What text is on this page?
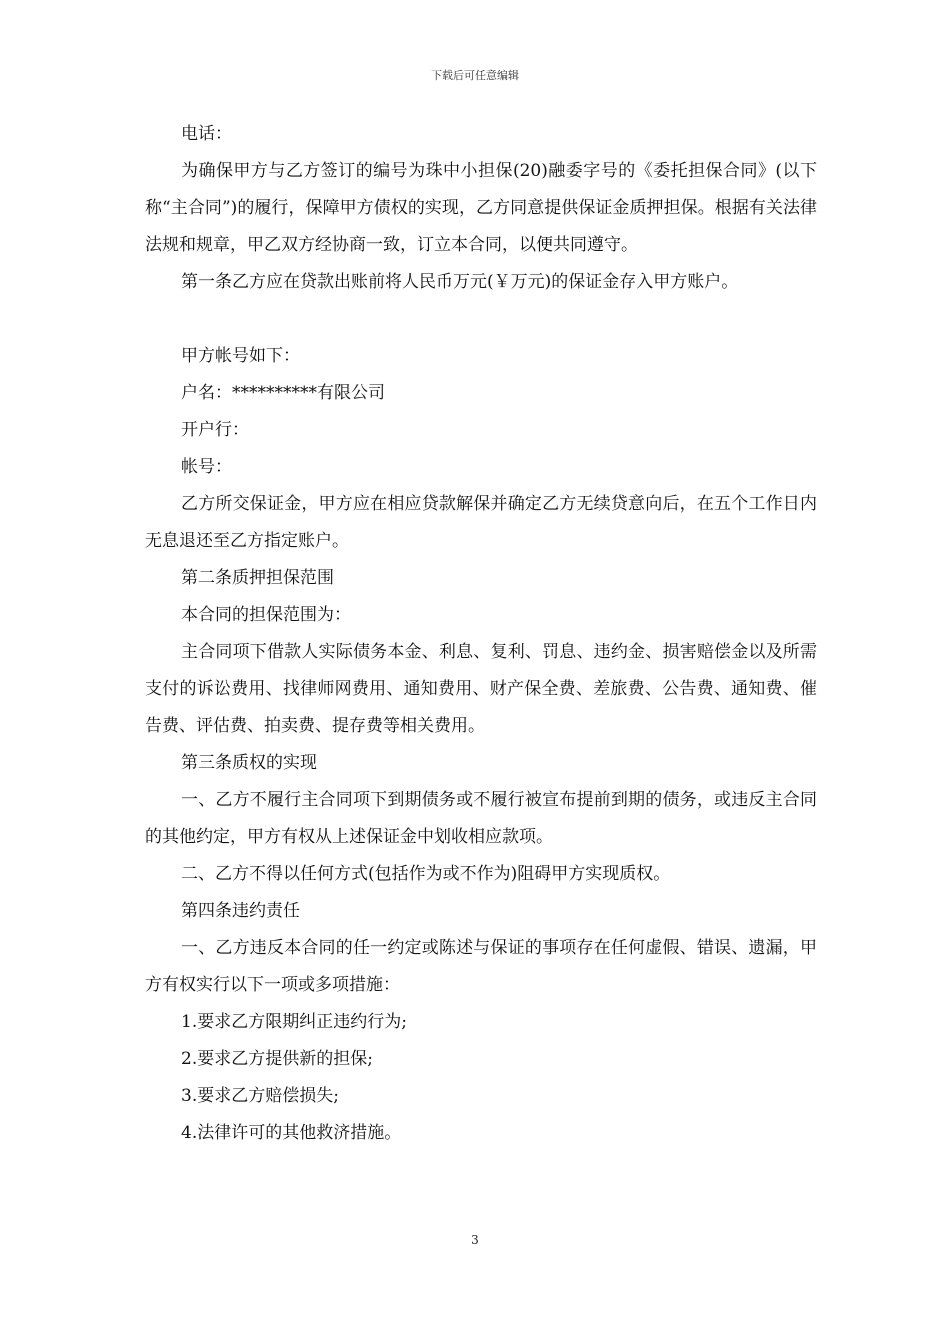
下载后可任意编辑

电话：

为确保甲方与乙方签订的编号为珠中小担保(20)融委字号的《委托担保合同》(以下称“主合同”)的履行，保障甲方债权的实现，乙方同意提供保证金质押担保。根据有关法律法规和规章，甲乙双方经协商一致，订立本合同，以便共同遵守。

第一条乙方应在贷款出账前将人民币万元(￥万元)的保证金存入甲方账户。

甲方帐号如下：

户名：**********有限公司

开户行：

帐号：

乙方所交保证金，甲方应在相应贷款解保并确定乙方无续贷意向后，在五个工作日内无息退还至乙方指定账户。

第二条质押担保范围

本合同的担保范围为：

主合同项下借款人实际债务本金、利息、复利、罚息、违约金、损害赔偿金以及所需支付的诉讼费用、找律师网费用、通知费用、财产保全费、差旅费、公告费、通知费、催告费、评估费、拍卖费、提存费等相关费用。

第三条质权的实现

一、乙方不履行主合同项下到期债务或不履行被宣布提前到期的债务，或违反主合同的其他约定，甲方有权从上述保证金中划收相应款项。

二、乙方不得以任何方式(包括作为或不作为)阻碍甲方实现质权。

第四条违约责任

一、乙方违反本合同的任一约定或陈述与保证的事项存在任何虚假、错误、遗漏，甲方有权实行以下一项或多项措施：

1.要求乙方限期纠正违约行为;

2.要求乙方提供新的担保;

3.要求乙方赔偿损失;

4.法律许可的其他救济措施。

3
